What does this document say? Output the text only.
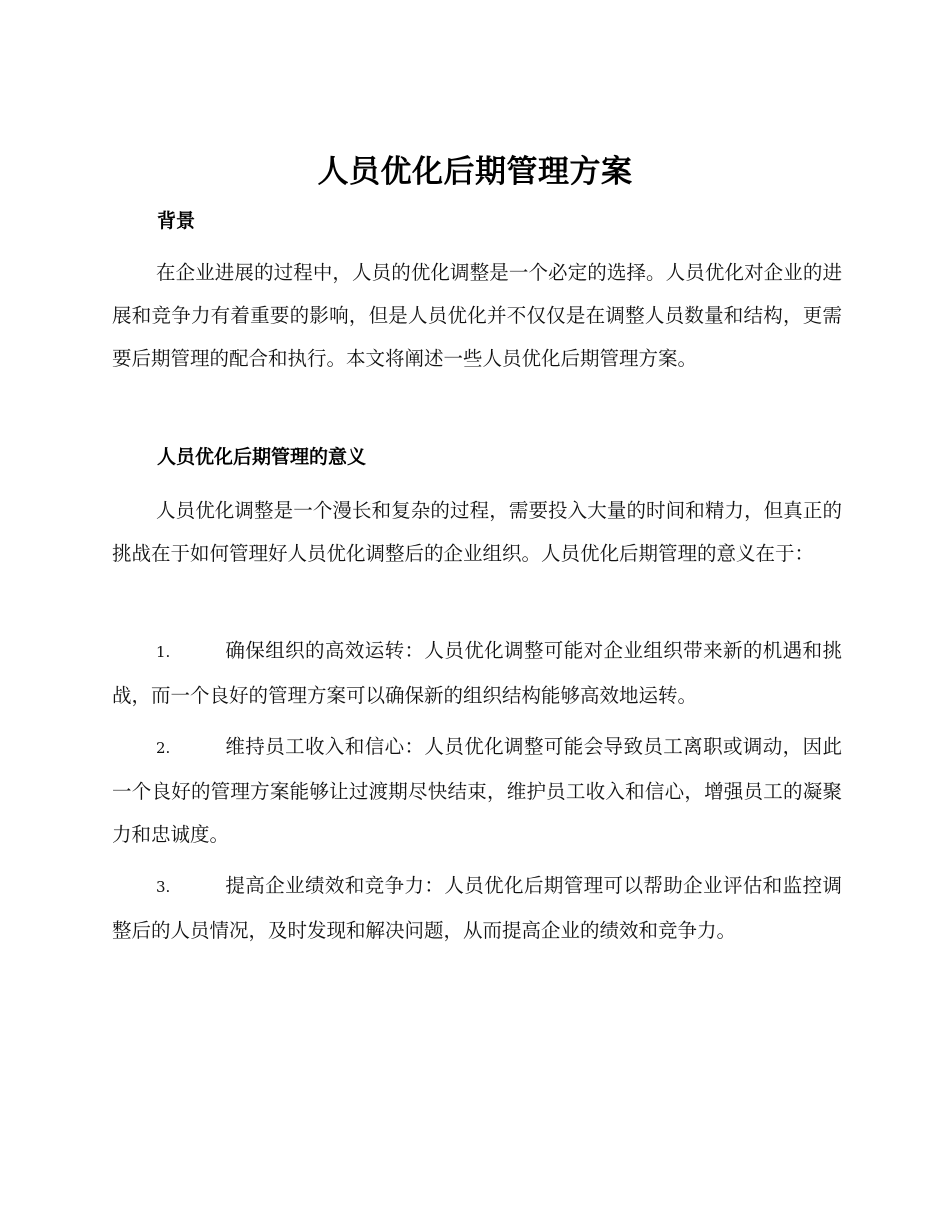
人员优化后期管理方案
背景

在企业进展的过程中，人员的优化调整是一个必定的选择。人员优化对企业的进展和竞争力有着重要的影响，但是人员优化并不仅仅是在调整人员数量和结构，更需要后期管理的配合和执行。本文将阐述一些人员优化后期管理方案。

人员优化后期管理的意义

人员优化调整是一个漫长和复杂的过程，需要投入大量的时间和精力，但真正的挑战在于如何管理好人员优化调整后的企业组织。人员优化后期管理的意义在于：

1.	确保组织的高效运转：人员优化调整可能对企业组织带来新的机遇和挑战，而一个良好的管理方案可以确保新的组织结构能够高效地运转。

2.	维持员工收入和信心：人员优化调整可能会导致员工离职或调动，因此一个良好的管理方案能够让过渡期尽快结束，维护员工收入和信心，增强员工的凝聚力和忠诚度。

3.	提高企业绩效和竞争力：人员优化后期管理可以帮助企业评估和监控调整后的人员情况，及时发现和解决问题，从而提高企业的绩效和竞争力。
